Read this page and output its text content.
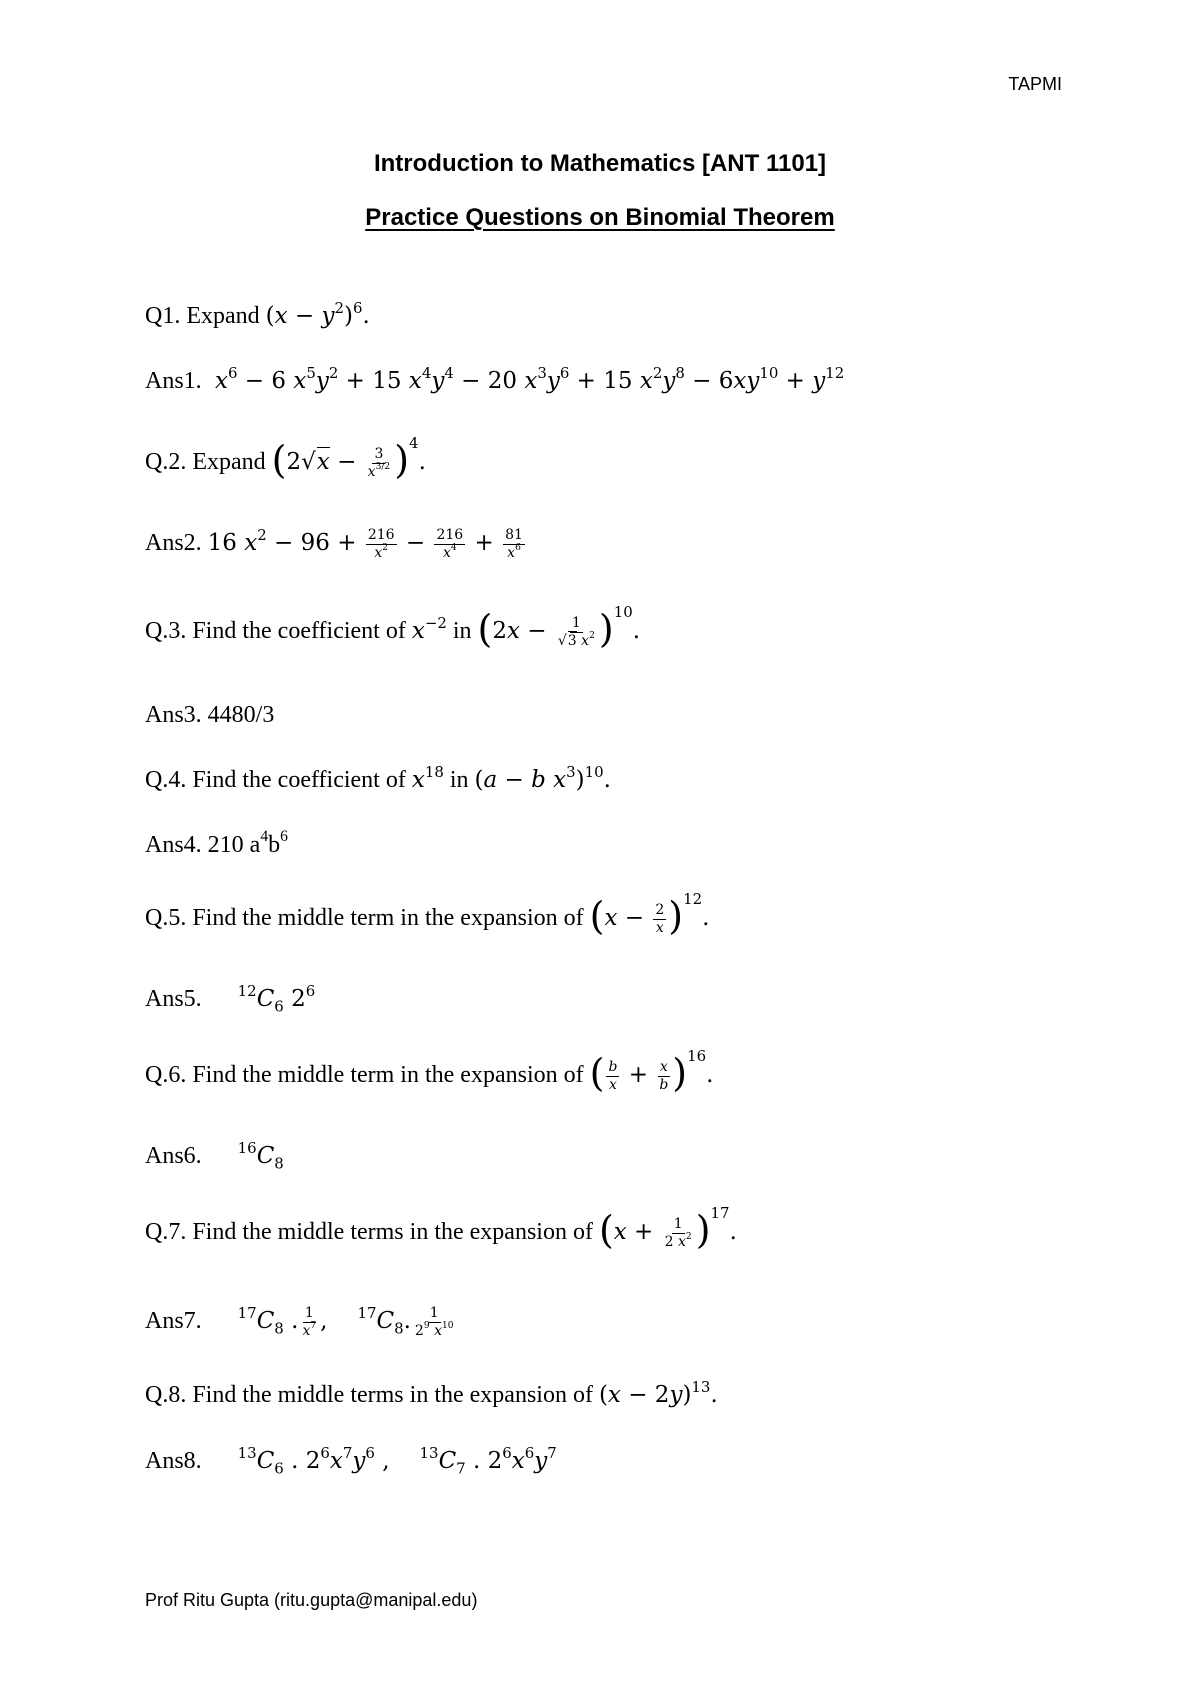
TAPMI
Introduction to Mathematics [ANT 1101]
Practice Questions on Binomial Theorem
Q1. Expand $(x - y^2)^6$.
Ans1. $x^6 - 6$ $x^5y^2 + 15$ $x^4y^4 - 20$ $x^3y^6 + 15$ $x^2y^8 - 6xy^{10} + y^{12}$
Q.2. Expand $(2√x - \frac{3}{x^{3/2}} )^4$.
Ans2. 16 $x^2 - 96 + \frac{216}{x^2} - \frac{216}{x^4} + \frac{81}{x^6}$
Q.3. Find the coefficient of $x^{-2}$ in $(2x - \frac{1}{√3 x^2} )^{10}$.
Ans3. 4480/3
Q.4. Find the coefficient of $x^{18}$ in (a − b $x^3)^{10}$.
Ans4. 210 $a^4b^6$
Q.5. Find the middle term in the expansion of $(x - \frac{2}{x} )^{12}$.
Ans5. $^{12}C_6$ $2^6$
Q.6. Find the middle term in the expansion of ( $\frac{b}{x} + \frac{x}{b} )^{16}$.
Ans6. $^{16}C_8$
Q.7. Find the middle terms in the expansion of $(x + \frac{1}{2 x^2} )^{17}$.
Ans7. $^{17}C_8$ . $\frac{1}{x^7}$ , $^{17}C_8$. $\frac{1}{2^9 x^{10}}$
Q.8. Find the middle terms in the expansion of $(x - 2y)^{13}$.
Ans8. $^{13}C_6$ . $2^6x^7y^6$ , $^{13}C_7$ . $2^6x^6y^7$
Prof Ritu Gupta (ritu.gupta@manipal.edu)
